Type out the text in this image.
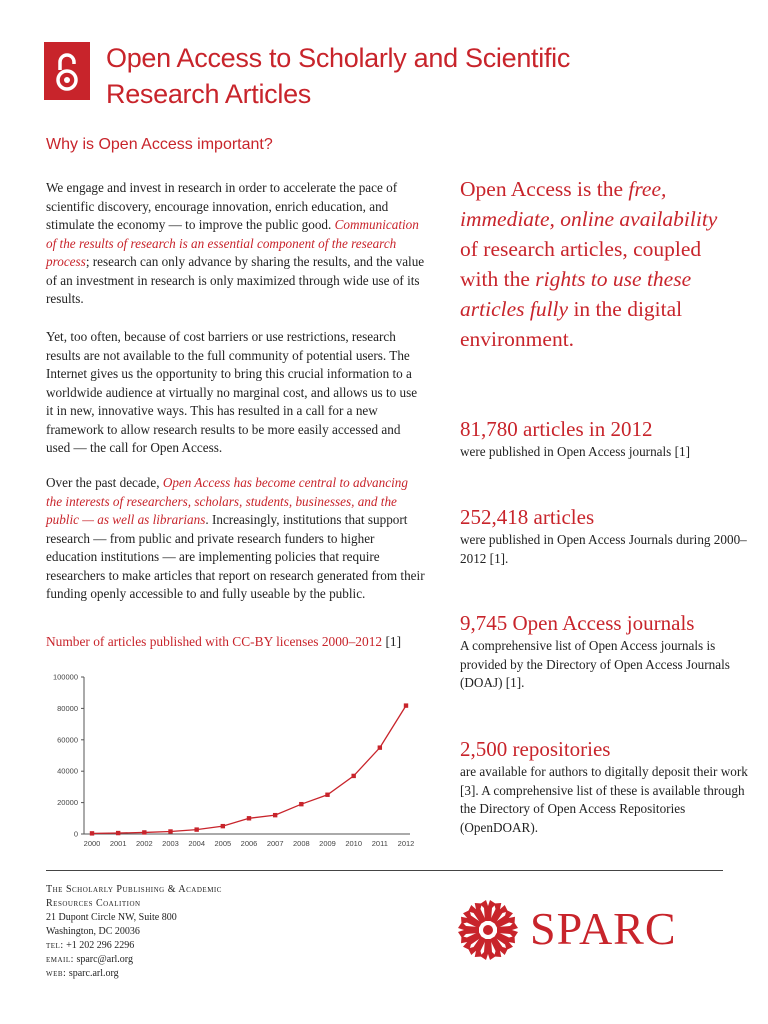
Open Access to Scholarly and Scientific
Research Articles
Why is Open Access important?

We engage and invest in research in order to accelerate the pace of scientific discovery, encourage innovation, enrich education, and stimulate the economy — to improve the public good. Communication of the results of research is an essential component of the research process; research can only advance by sharing the results, and the value of an investment in research is only maximized through wide use of its results.

Yet, too often, because of cost barriers or use restrictions, research results are not available to the full community of potential users. The Internet gives us the opportunity to bring this crucial information to a worldwide audience at virtually no marginal cost, and allows us to use it in new, innovative ways. This has resulted in a call for a new framework to allow research results to be more easily accessed and used — the call for Open Access.

Over the past decade, Open Access has become central to advancing the interests of researchers, scholars, students, businesses, and the public — as well as librarians. Increasingly, institutions that support research — from public and private research funders to higher education institutions — are implementing policies that require researchers to make articles that report on research generated from their funding openly accessible to and fully useable by the public.

Number of articles published with CC-BY licenses 2000–2012 [1]

0
20000
40000
60000
80000
100000
2000 2001 2002 2003 2004 2005 2006 2007 2008 2009 2010 2011 2012

Open Access is the free, immediate, online availability of research articles, coupled with the rights to use these articles fully in the digital environment.

81,780 articles in 2012

were published in Open Access journals [1]

252,418 articles

were published in Open Access Journals during 2000–2012 [1].

9,745 Open Access journals

A comprehensive list of Open Access journals is provided by the Directory of Open Access Journals (DOAJ) [1].

2,500 repositories

are available for authors to digitally deposit their work [3]. A comprehensive list of these is available through the Directory of Open Access Repositories (OpenDOAR).

The Scholarly Publishing & Academic
Resources Coalition
21 Dupont Circle NW, Suite 800
Washington, DC 20036
tel: +1 202 296 2296
email: sparc@arl.org
web: sparc.arl.org

SPARC
